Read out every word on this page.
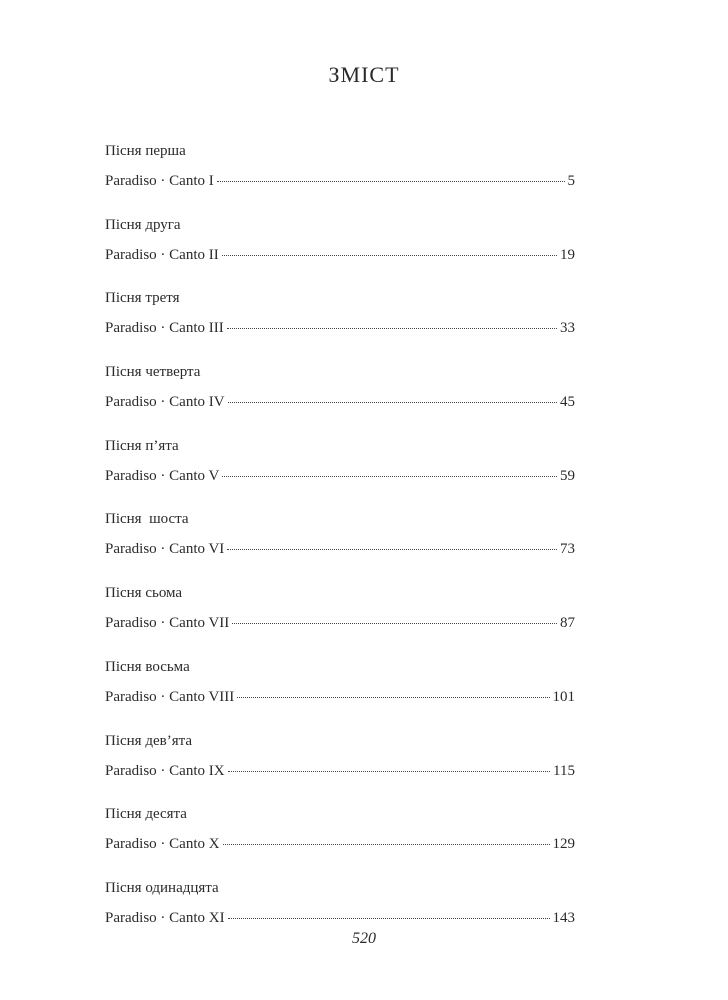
ЗМІСТ
Пісня перша
Paradiso · Canto I	5
Пісня друга
Paradiso · Canto II	19
Пісня третя
Paradiso · Canto III	33
Пісня четверта
Paradiso · Canto IV	45
Пісня п’ята
Paradiso · Canto V	59
Пісня  шоста
Paradiso · Canto VI	73
Пісня сьома
Paradiso · Canto VII	87
Пісня восьма
Paradiso · Canto VIII	101
Пісня дев’ята
Paradiso · Canto IX	115
Пісня десята
Paradiso · Canto X	129
Пісня одинадцята
Paradiso · Canto XI	143
520
